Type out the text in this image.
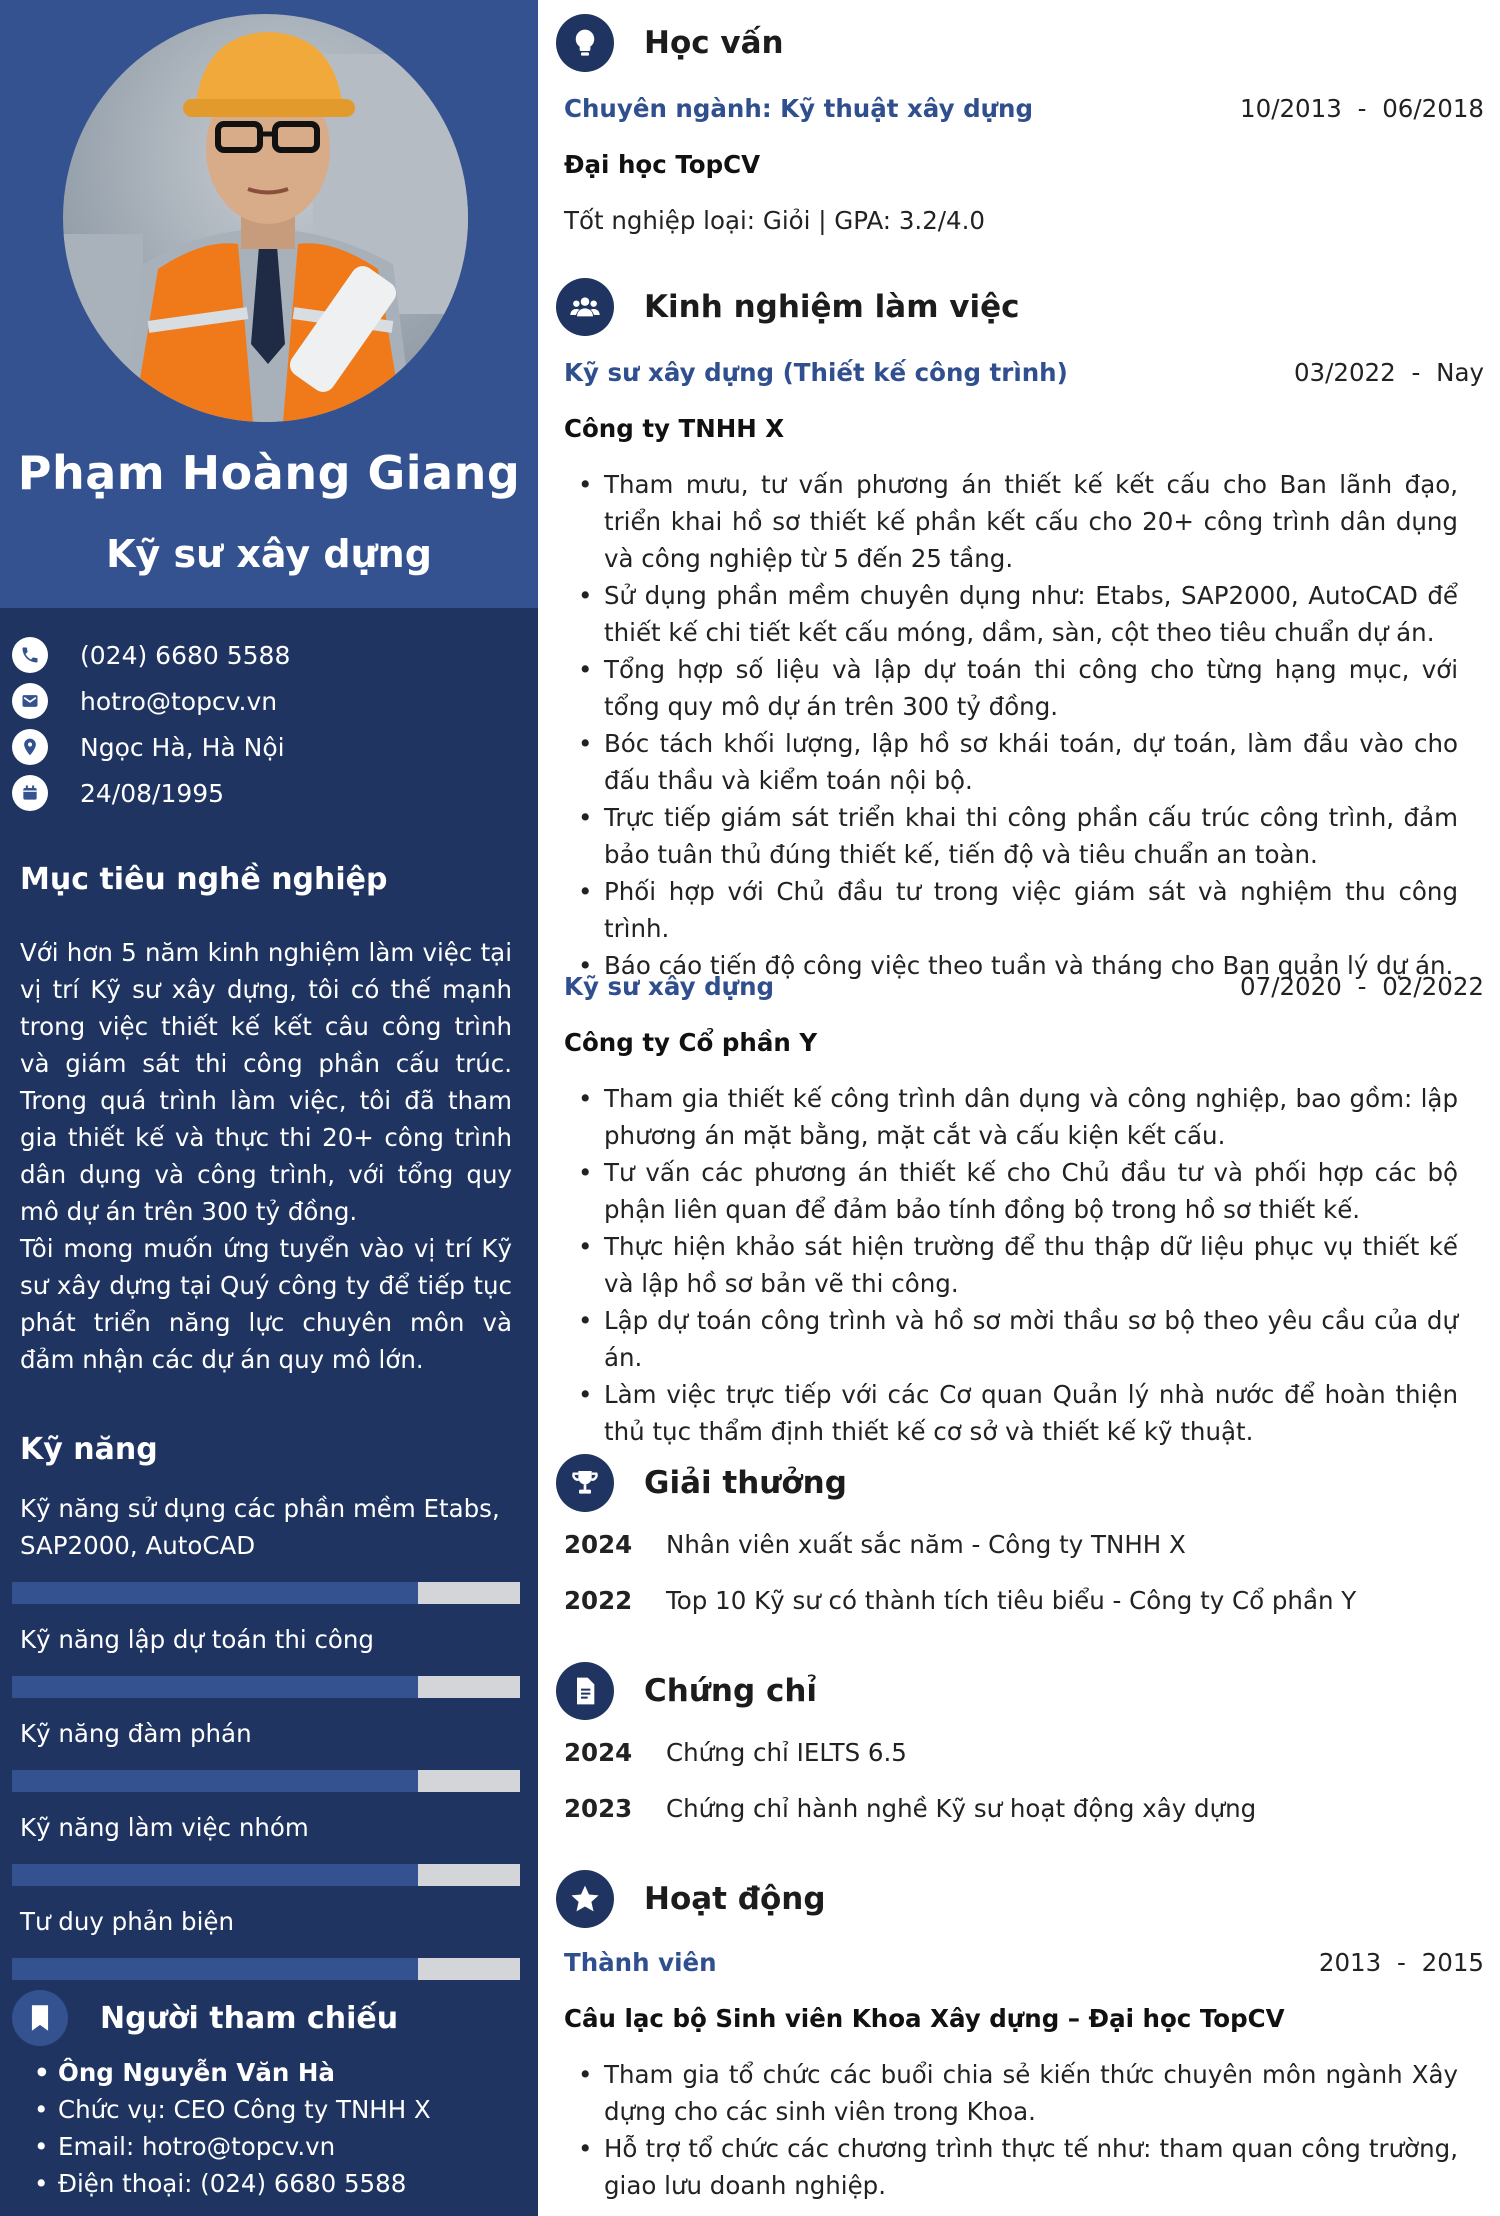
Phạm Hoàng Giang
Kỹ sư xây dựng
(024) 6680 5588
hotro@topcv.vn
Ngọc Hà, Hà Nội
24/08/1995
Mục tiêu nghề nghiệp

Với hơn 5 năm kinh nghiệm làm việc tại vị trí Kỹ sư xây dựng, tôi có thế mạnh trong việc thiết kế kết câu công trình và giám sát thi công phần cấu trúc. Trong quá trình làm việc, tôi đã tham gia thiết kế và thực thi 20+ công trình dân dụng và công trình, với tổng quy mô dự án trên 300 tỷ đồng.

Tôi mong muốn ứng tuyển vào vị trí Kỹ sư xây dựng tại Quý công ty để tiếp tục phát triển năng lực chuyên môn và đảm nhận các dự án quy mô lớn.

Kỹ năng
Kỹ năng sử dụng các phần mềm Etabs, SAP2000, AutoCAD
Kỹ năng lập dự toán thi công
Kỹ năng đàm phán
Kỹ năng làm việc nhóm
Tư duy phản biện
Người tham chiếu
• Ông Nguyễn Văn Hà
• Chức vụ: CEO Công ty TNHH X
• Email: hotro@topcv.vn
• Điện thoại: (024) 6680 5588
Học vấn
Chuyên ngành: Kỹ thuật xây dựng	10/2013 - 06/2018
Đại học TopCV
Tốt nghiệp loại: Giỏi | GPA: 3.2/4.0
Kinh nghiệm làm việc
Kỹ sư xây dựng (Thiết kế công trình)	03/2022 - Nay
Công ty TNHH X
• Tham mưu, tư vấn phương án thiết kế kết cấu cho Ban lãnh đạo, triển khai hồ sơ thiết kế phần kết cấu cho 20+ công trình dân dụng và công nghiệp từ 5 đến 25 tầng.
• Sử dụng phần mềm chuyên dụng như: Etabs, SAP2000, AutoCAD để thiết kế chi tiết kết cấu móng, dầm, sàn, cột theo tiêu chuẩn dự án.
• Tổng hợp số liệu và lập dự toán thi công cho từng hạng mục, với tổng quy mô dự án trên 300 tỷ đồng.
• Bóc tách khối lượng, lập hồ sơ khái toán, dự toán, làm đầu vào cho đấu thầu và kiểm toán nội bộ.
• Trực tiếp giám sát triển khai thi công phần cấu trúc công trình, đảm bảo tuân thủ đúng thiết kế, tiến độ và tiêu chuẩn an toàn.
• Phối hợp với Chủ đầu tư trong việc giám sát và nghiệm thu công trình.
• Báo cáo tiến độ công việc theo tuần và tháng cho Ban quản lý dự án.
Kỹ sư xây dựng	07/2020 - 02/2022
Công ty Cổ phần Y
• Tham gia thiết kế công trình dân dụng và công nghiệp, bao gồm: lập phương án mặt bằng, mặt cắt và cấu kiện kết cấu.
• Tư vấn các phương án thiết kế cho Chủ đầu tư và phối hợp các bộ phận liên quan để đảm bảo tính đồng bộ trong hồ sơ thiết kế.
• Thực hiện khảo sát hiện trường để thu thập dữ liệu phục vụ thiết kế và lập hồ sơ bản vẽ thi công.
• Lập dự toán công trình và hồ sơ mời thầu sơ bộ theo yêu cầu của dự án.
• Làm việc trực tiếp với các Cơ quan Quản lý nhà nước để hoàn thiện thủ tục thẩm định thiết kế cơ sở và thiết kế kỹ thuật.
Giải thưởng
2024	Nhân viên xuất sắc năm - Công ty TNHH X
2022	Top 10 Kỹ sư có thành tích tiêu biểu - Công ty Cổ phần Y
Chứng chỉ
2024	Chứng chỉ IELTS 6.5
2023	Chứng chỉ hành nghề Kỹ sư hoạt động xây dựng
Hoạt động
Thành viên	2013 - 2015
Câu lạc bộ Sinh viên Khoa Xây dựng – Đại học TopCV
• Tham gia tổ chức các buổi chia sẻ kiến thức chuyên môn ngành Xây dựng cho các sinh viên trong Khoa.
• Hỗ trợ tổ chức các chương trình thực tế như: tham quan công trường, giao lưu doanh nghiệp.
